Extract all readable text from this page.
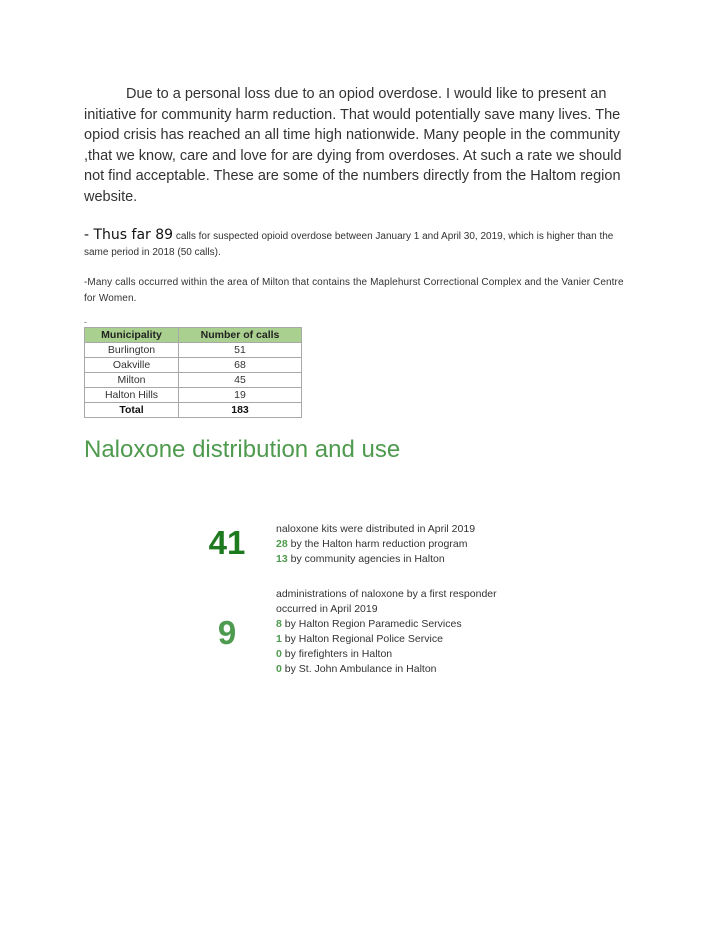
Due to a personal loss due to an opiod overdose. I would like to present an initiative for community harm reduction. That would potentially save many lives. The opiod crisis has reached an all time high nationwide. Many people in the community ,that we know, care and love for are dying from overdoses. At such a rate we should not find acceptable. These are some of the numbers directly from the Haltom region website.

- Thus far 89 calls for suspected opioid overdose between January 1 and April 30, 2019, which is higher than the same period in 2018 (50 calls).

-Many calls occurred within the area of Milton that contains the Maplehurst Correctional Complex and the Vanier Centre for Women.

-

Municipality	Number of calls
Burlington	51
Oakville	68
Milton	45
Halton Hills	19
Total	183
Naloxone distribution and use
41	naloxone kits were distributed in April 2019
28 by the Halton harm reduction program
13 by community agencies in Halton
9
administrations of naloxone by a first responder
occurred in April 2019
8 by Halton Region Paramedic Services
1 by Halton Regional Police Service
0 by firefighters in Halton
0 by St. John Ambulance in Halton
